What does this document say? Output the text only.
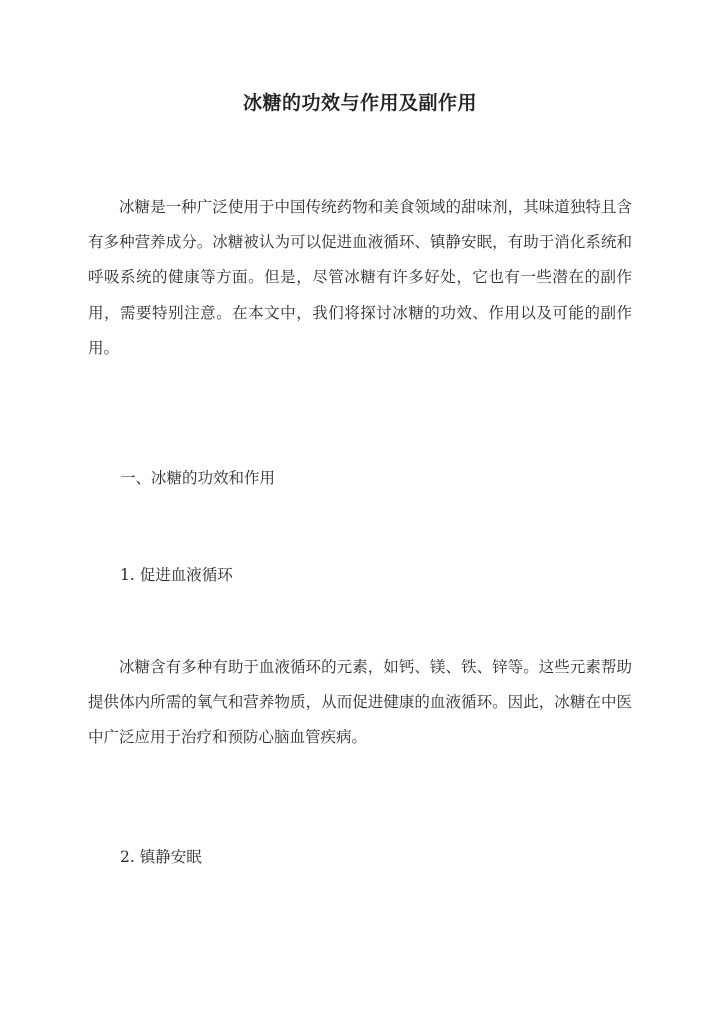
冰糖的功效与作用及副作用

冰糖是一种广泛使用于中国传统药物和美食领域的甜味剂，其味道独特且含有多种营养成分。冰糖被认为可以促进血液循环、镇静安眠，有助于消化系统和呼吸系统的健康等方面。但是，尽管冰糖有许多好处，它也有一些潜在的副作用，需要特别注意。在本文中，我们将探讨冰糖的功效、作用以及可能的副作用。

一、冰糖的功效和作用

1. 促进血液循环

冰糖含有多种有助于血液循环的元素，如钙、镁、铁、锌等。这些元素帮助提供体内所需的氧气和营养物质，从而促进健康的血液循环。因此，冰糖在中医中广泛应用于治疗和预防心脑血管疾病。

2. 镇静安眠
